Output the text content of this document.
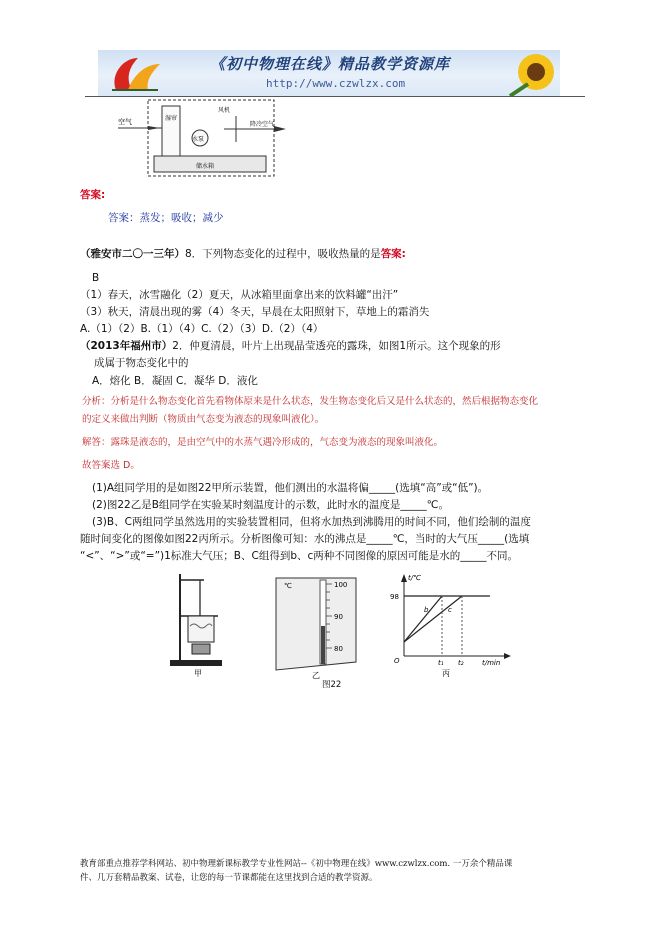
《初中物理在线》精品教学资源库
http://www.czwlzx.com
空气	湿帘
水泵
风机
降冷空气
储水箱
答案:
答案：蒸发；吸收；减少
（雅安市二〇一三年）8．下列物态变化的过程中，吸收热量的是答案:
B
（1）春天，冰雪融化（2）夏天，从冰箱里面拿出来的饮料罐“出汗”
（3）秋天，清晨出现的雾（4）冬天，早晨在太阳照射下，草地上的霜消失
A.（1）（2）B.（1）（4）C.（2）（3）D.（2）（4）
（2013年福州市）2．仲夏清晨，叶片上出现晶莹透亮的露珠，如图1所示。这个现象的形
成属于物态变化中的
A．熔化 B．凝固 C．凝华 D．液化
分析：分析是什么物态变化首先看物体原来是什么状态，发生物态变化后又是什么状态的，然后根据物态变化
的定义来做出判断（物质由气态变为液态的现象叫液化）。
解答：露珠是液态的，是由空气中的水蒸气遇冷形成的，气态变为液态的现象叫液化。
故答案选 D。
(1)A组同学用的是如图22甲所示装置，他们测出的水温将偏_____(选填“高”或“低”)。
(2)图22乙是B组同学在实验某时刻温度计的示数，此时水的温度是_____℃。
(3)B、C两组同学虽然选用的实验装置相同，但将水加热到沸腾用的时间不同，他们绘制的温度
随时间变化的图像如图22丙所示。分析图像可知：水的沸点是_____℃，当时的大气压_____(选填
“<”、“>”或“=”)1标准大气压；B、C组得到b、c两种不同图像的原因可能是水的_____不同。
甲
℃	100
90
80
乙
t/℃
98
O
b	c
t₁ t₂	t/min
丙
图22
教育部重点推荐学科网站、初中物理新课标教学专业性网站--《初中物理在线》www.czwlzx.com. 一万余个精品课
件、几万套精品教案、试卷，让您的每一节课都能在这里找到合适的教学资源。
